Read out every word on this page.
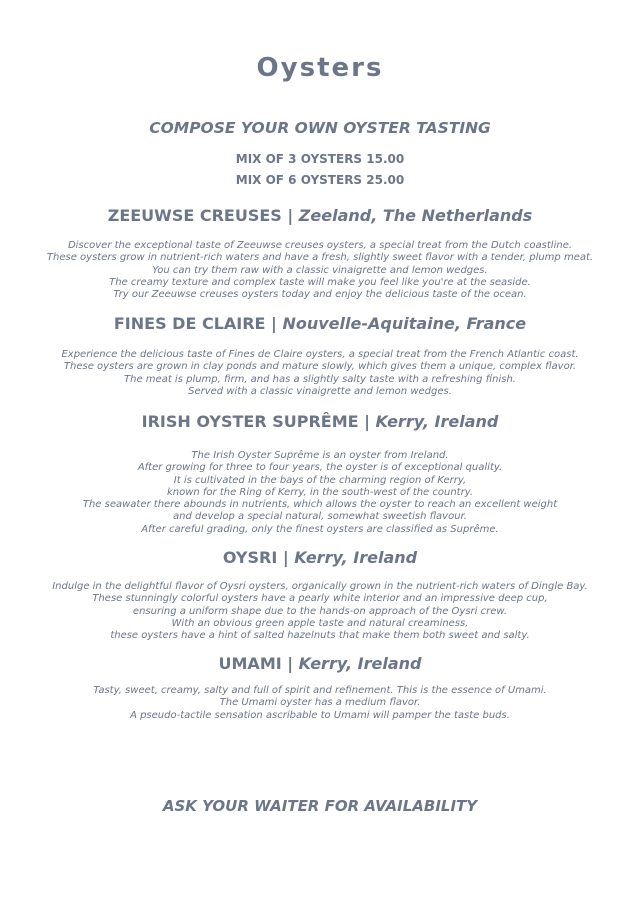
Oysters
COMPOSE YOUR OWN OYSTER TASTING

MIX OF 3 OYSTERS 15.00

MIX OF 6 OYSTERS 25.00

ZEEUWSE CREUSES | Zeeland, The Netherlands
Discover the exceptional taste of Zeeuwse creuses oysters, a special treat from the Dutch coastline.
These oysters grow in nutrient-rich waters and have a fresh, slightly sweet flavor with a tender, plump meat.
You can try them raw with a classic vinaigrette and lemon wedges.
The creamy texture and complex taste will make you feel like you're at the seaside.
Try our Zeeuwse creuses oysters today and enjoy the delicious taste of the ocean.
FINES DE CLAIRE | Nouvelle-Aquitaine, France
Experience the delicious taste of Fines de Claire oysters, a special treat from the French Atlantic coast.
These oysters are grown in clay ponds and mature slowly, which gives them a unique, complex flavor.
The meat is plump, firm, and has a slightly salty taste with a refreshing finish.
Served with a classic vinaigrette and lemon wedges.
IRISH OYSTER SUPRÊME | Kerry, Ireland
The Irish Oyster Suprême is an oyster from Ireland.
After growing for three to four years, the oyster is of exceptional quality.
It is cultivated in the bays of the charming region of Kerry,
known for the Ring of Kerry, in the south-west of the country.
The seawater there abounds in nutrients, which allows the oyster to reach an excellent weight
and develop a special natural, somewhat sweetish flavour.
After careful grading, only the finest oysters are classified as Suprême.
OYSRI | Kerry, Ireland
Indulge in the delightful flavor of Oysri oysters, organically grown in the nutrient-rich waters of Dingle Bay.
These stunningly colorful oysters have a pearly white interior and an impressive deep cup,
ensuring a uniform shape due to the hands-on approach of the Oysri crew.
With an obvious green apple taste and natural creaminess,
these oysters have a hint of salted hazelnuts that make them both sweet and salty.
UMAMI | Kerry, Ireland
Tasty, sweet, creamy, salty and full of spirit and refinement. This is the essence of Umami.
The Umami oyster has a medium flavor.
A pseudo-tactile sensation ascribable to Umami will pamper the taste buds.
ASK YOUR WAITER FOR AVAILABILITY
